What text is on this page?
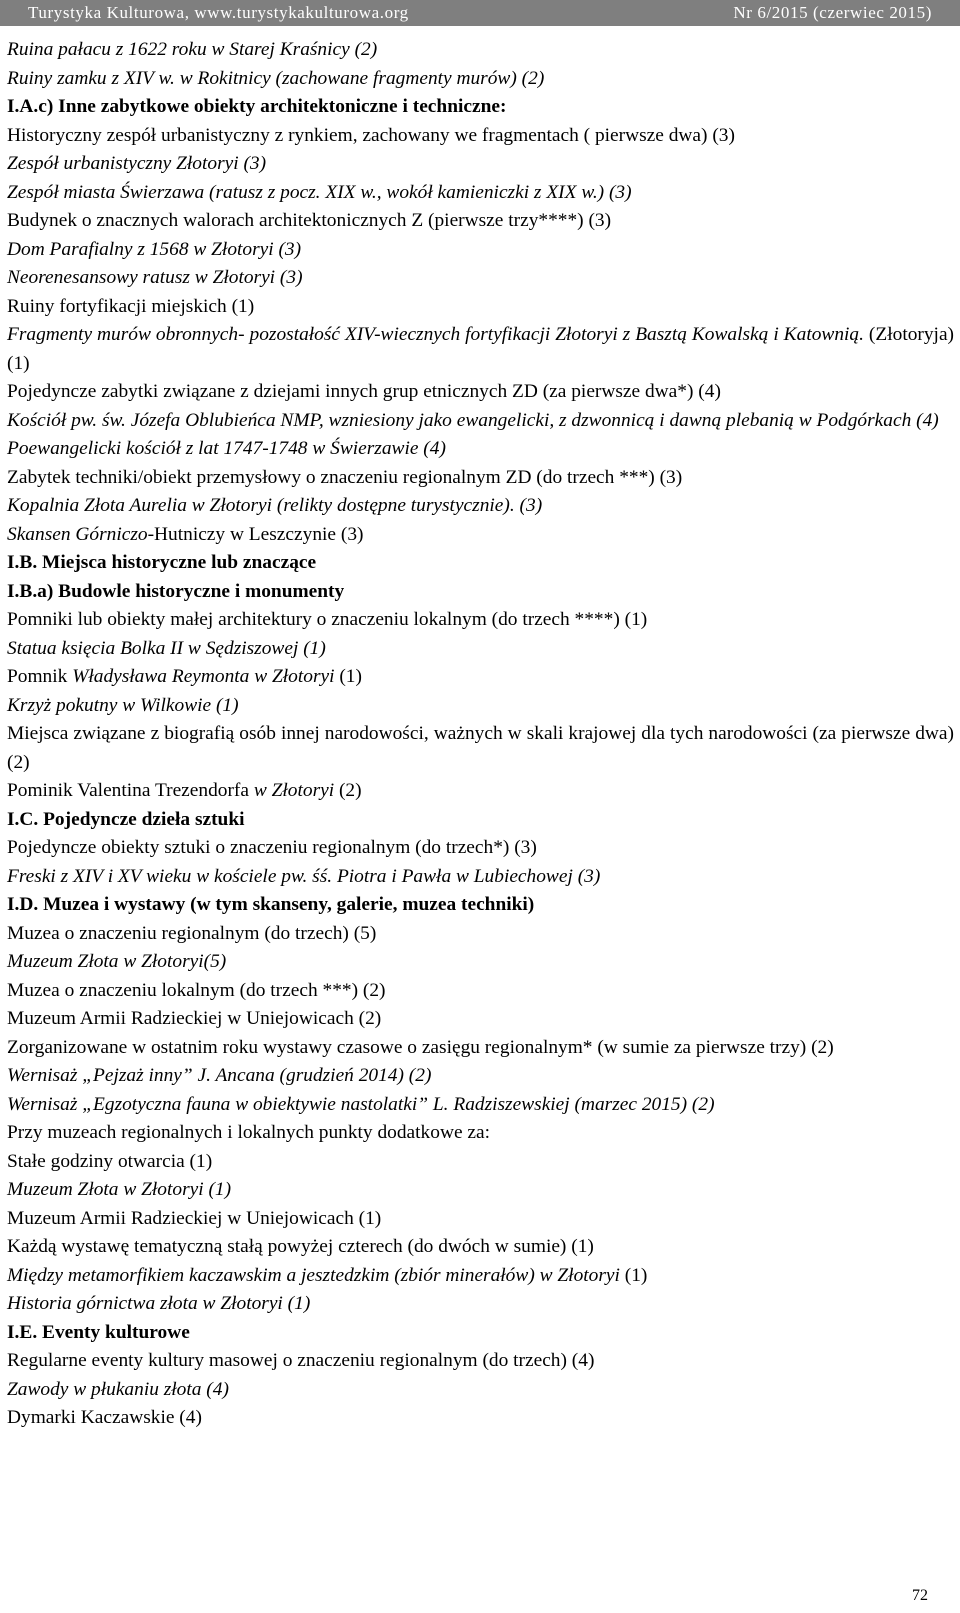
Turystyka Kulturowa, www.turystykakulturowa.org	Nr 6/2015 (czerwiec 2015)

Ruina pałacu z 1622 roku w Starej Kraśnicy (2)

Ruiny zamku z XIV w. w Rokitnicy (zachowane fragmenty murów) (2)

I.A.c) Inne zabytkowe obiekty architektoniczne i techniczne:

Historyczny zespół urbanistyczny z rynkiem, zachowany we fragmentach ( pierwsze dwa) (3)

Zespół urbanistyczny Złotoryi (3)

Zespół miasta Świerzawa (ratusz z pocz. XIX w., wokół kamieniczki z XIX w.) (3)

Budynek o znacznych walorach architektonicznych Z (pierwsze trzy****) (3)

Dom Parafialny z 1568 w Złotoryi (3)

Neorenesansowy ratusz w Złotoryi (3)

Ruiny fortyfikacji miejskich (1)

Fragmenty murów obronnych- pozostałość XIV-wiecznych fortyfikacji Złotoryi z Basztą Kowalską i Katownią. (Złotoryja) (1)

Pojedyncze zabytki związane z dziejami innych grup etnicznych ZD (za pierwsze dwa*) (4)

Kościół pw. św. Józefa Oblubieńca NMP, wzniesiony jako ewangelicki, z dzwonnicą i dawną plebanią w Podgórkach (4)

Poewangelicki kościół z lat 1747-1748 w Świerzawie (4)

Zabytek techniki/obiekt przemysłowy o znaczeniu regionalnym ZD (do trzech ***) (3)

Kopalnia Złota Aurelia w Złotoryi (relikty dostępne turystycznie). (3)

Skansen Górniczo-Hutniczy w Leszczynie (3)

I.B. Miejsca historyczne lub znaczące

I.B.a) Budowle historyczne i monumenty

Pomniki lub obiekty małej architektury o znaczeniu lokalnym (do trzech ****) (1)

Statua księcia Bolka II w Sędziszowej (1)

Pomnik Władysława Reymonta w Złotoryi (1)

Krzyż pokutny w Wilkowie (1)

Miejsca związane z biografią osób innej narodowości, ważnych w skali krajowej dla tych narodowości (za pierwsze dwa) (2)

Pominik Valentina Trezendorfa w Złotoryi (2)

I.C. Pojedyncze dzieła sztuki

Pojedyncze obiekty sztuki o znaczeniu regionalnym (do trzech*) (3)

Freski z XIV i XV wieku w kościele pw. śś. Piotra i Pawła w Lubiechowej (3)

I.D. Muzea i wystawy (w tym skanseny, galerie, muzea techniki)

Muzea o znaczeniu regionalnym (do trzech) (5)

Muzeum Złota w Złotoryi(5)

Muzea o znaczeniu lokalnym (do trzech ***) (2)

Muzeum Armii Radzieckiej w Uniejowicach (2)

Zorganizowane w ostatnim roku wystawy czasowe o zasięgu regionalnym* (w sumie za pierwsze trzy) (2)

Wernisaż „Pejzaż inny” J. Ancana (grudzień 2014) (2)

Wernisaż „Egzotyczna fauna w obiektywie nastolatki” L. Radziszewskiej (marzec 2015) (2)

Przy muzeach regionalnych i lokalnych punkty dodatkowe za:

Stałe godziny otwarcia (1)

Muzeum Złota w Złotoryi (1)

Muzeum Armii Radzieckiej w Uniejowicach (1)

Każdą wystawę tematyczną stałą powyżej czterech (do dwóch w sumie) (1)

Między metamorfikiem kaczawskim a jesztedzkim (zbiór minerałów) w Złotoryi (1)

Historia górnictwa złota w Złotoryi (1)

I.E. Eventy kulturowe

Regularne eventy kultury masowej o znaczeniu regionalnym (do trzech) (4)

Zawody w płukaniu złota (4)

Dymarki Kaczawskie (4)

72
